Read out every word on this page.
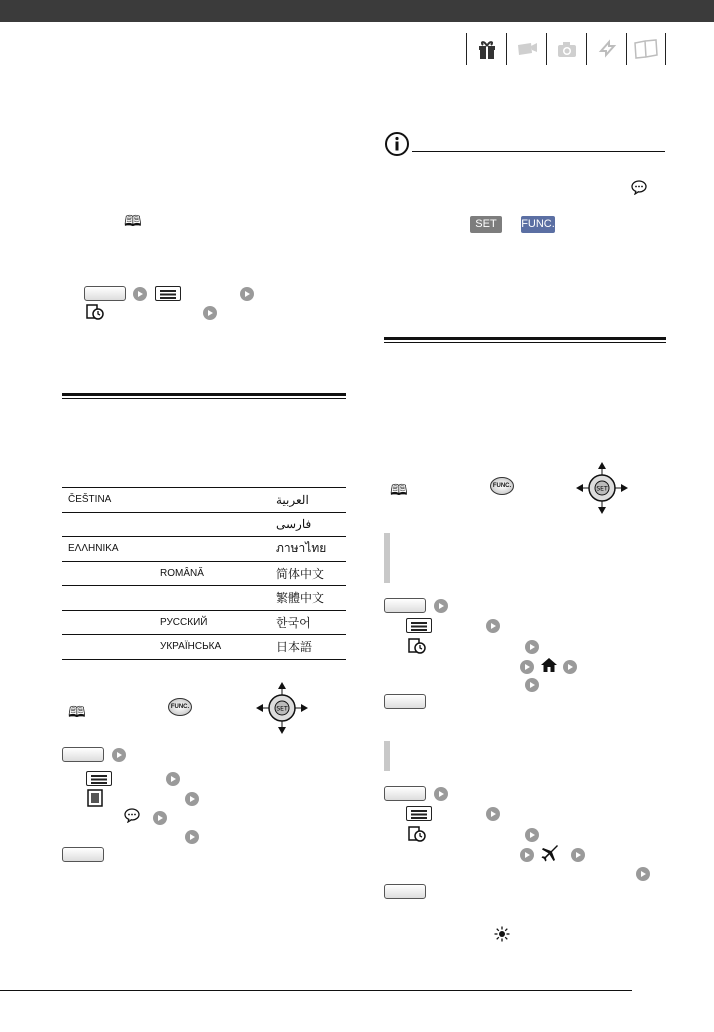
🕮
ČEŠTINA		العربية
		فارسی
ΕΛΛΗΝΙΚΑ		ภาษาไทย
	ROMÂNĂ	简体中文
		繁體中文
	РУССКИЙ	한국어
	УКРАЇНСЬКА	日本語
🕮	FUNC.	SET
SET	FUNC.
🕮	FUNC.	SET
